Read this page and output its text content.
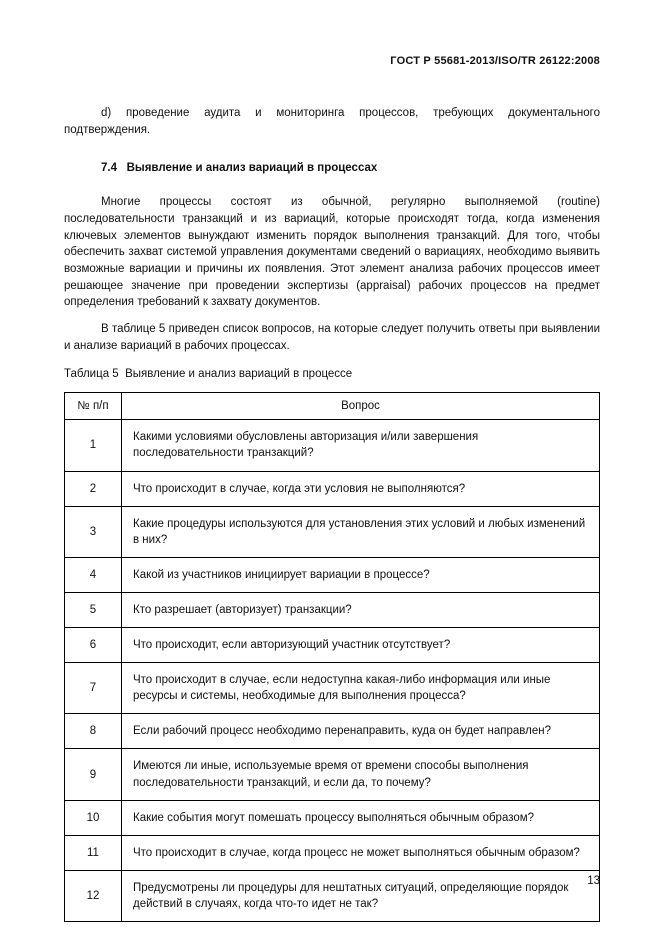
ГОСТ Р 55681-2013/ISO/TR 26122:2008

d) проведение аудита и мониторинга процессов, требующих документального подтверждения.

7.4   Выявление и анализ вариаций в процессах

Многие процессы состоят из обычной, регулярно выполняемой (routine) последовательности транзакций и из вариаций, которые происходят тогда, когда изменения ключевых элементов вынуждают изменить порядок выполнения транзакций. Для того, чтобы обеспечить захват системой управления документами сведений о вариациях, необходимо выявить возможные вариации и причины их появления. Этот элемент анализа рабочих процессов имеет решающее значение при проведении экспертизы (appraisal) рабочих процессов на предмет определения требований к захвату документов.

В таблице 5 приведен список вопросов, на которые следует получить ответы при выявлении и анализе вариаций в рабочих процессах.

Таблица 5  Выявление и анализ вариаций в процессе
№ п/п	Вопрос
1	Какими условиями обусловлены авторизация и/или завершения последовательности транзакций?
2	Что происходит в случае, когда эти условия не выполняются?
3	Какие процедуры используются для установления этих условий и любых изменений в них?
4	Какой из участников инициирует вариации в процессе?
5	Кто разрешает (авторизует) транзакции?
6	Что происходит, если авторизующий участник отсутствует?
7	Что происходит в случае, если недоступна какая-либо информация или иные ресурсы и системы, необходимые для выполнения процесса?
8	Если рабочий процесс необходимо перенаправить, куда он будет направлен?
9	Имеются ли иные, используемые время от времени способы выполнения последовательности транзакций, и если да, то почему?
10	Какие события могут помешать процессу выполняться обычным образом?
11	Что происходит в случае, когда процесс не может выполняться обычным образом?
12	Предусмотрены ли процедуры для нештатных ситуаций, определяющие порядок действий в случаях, когда что-то идет не так?
13
